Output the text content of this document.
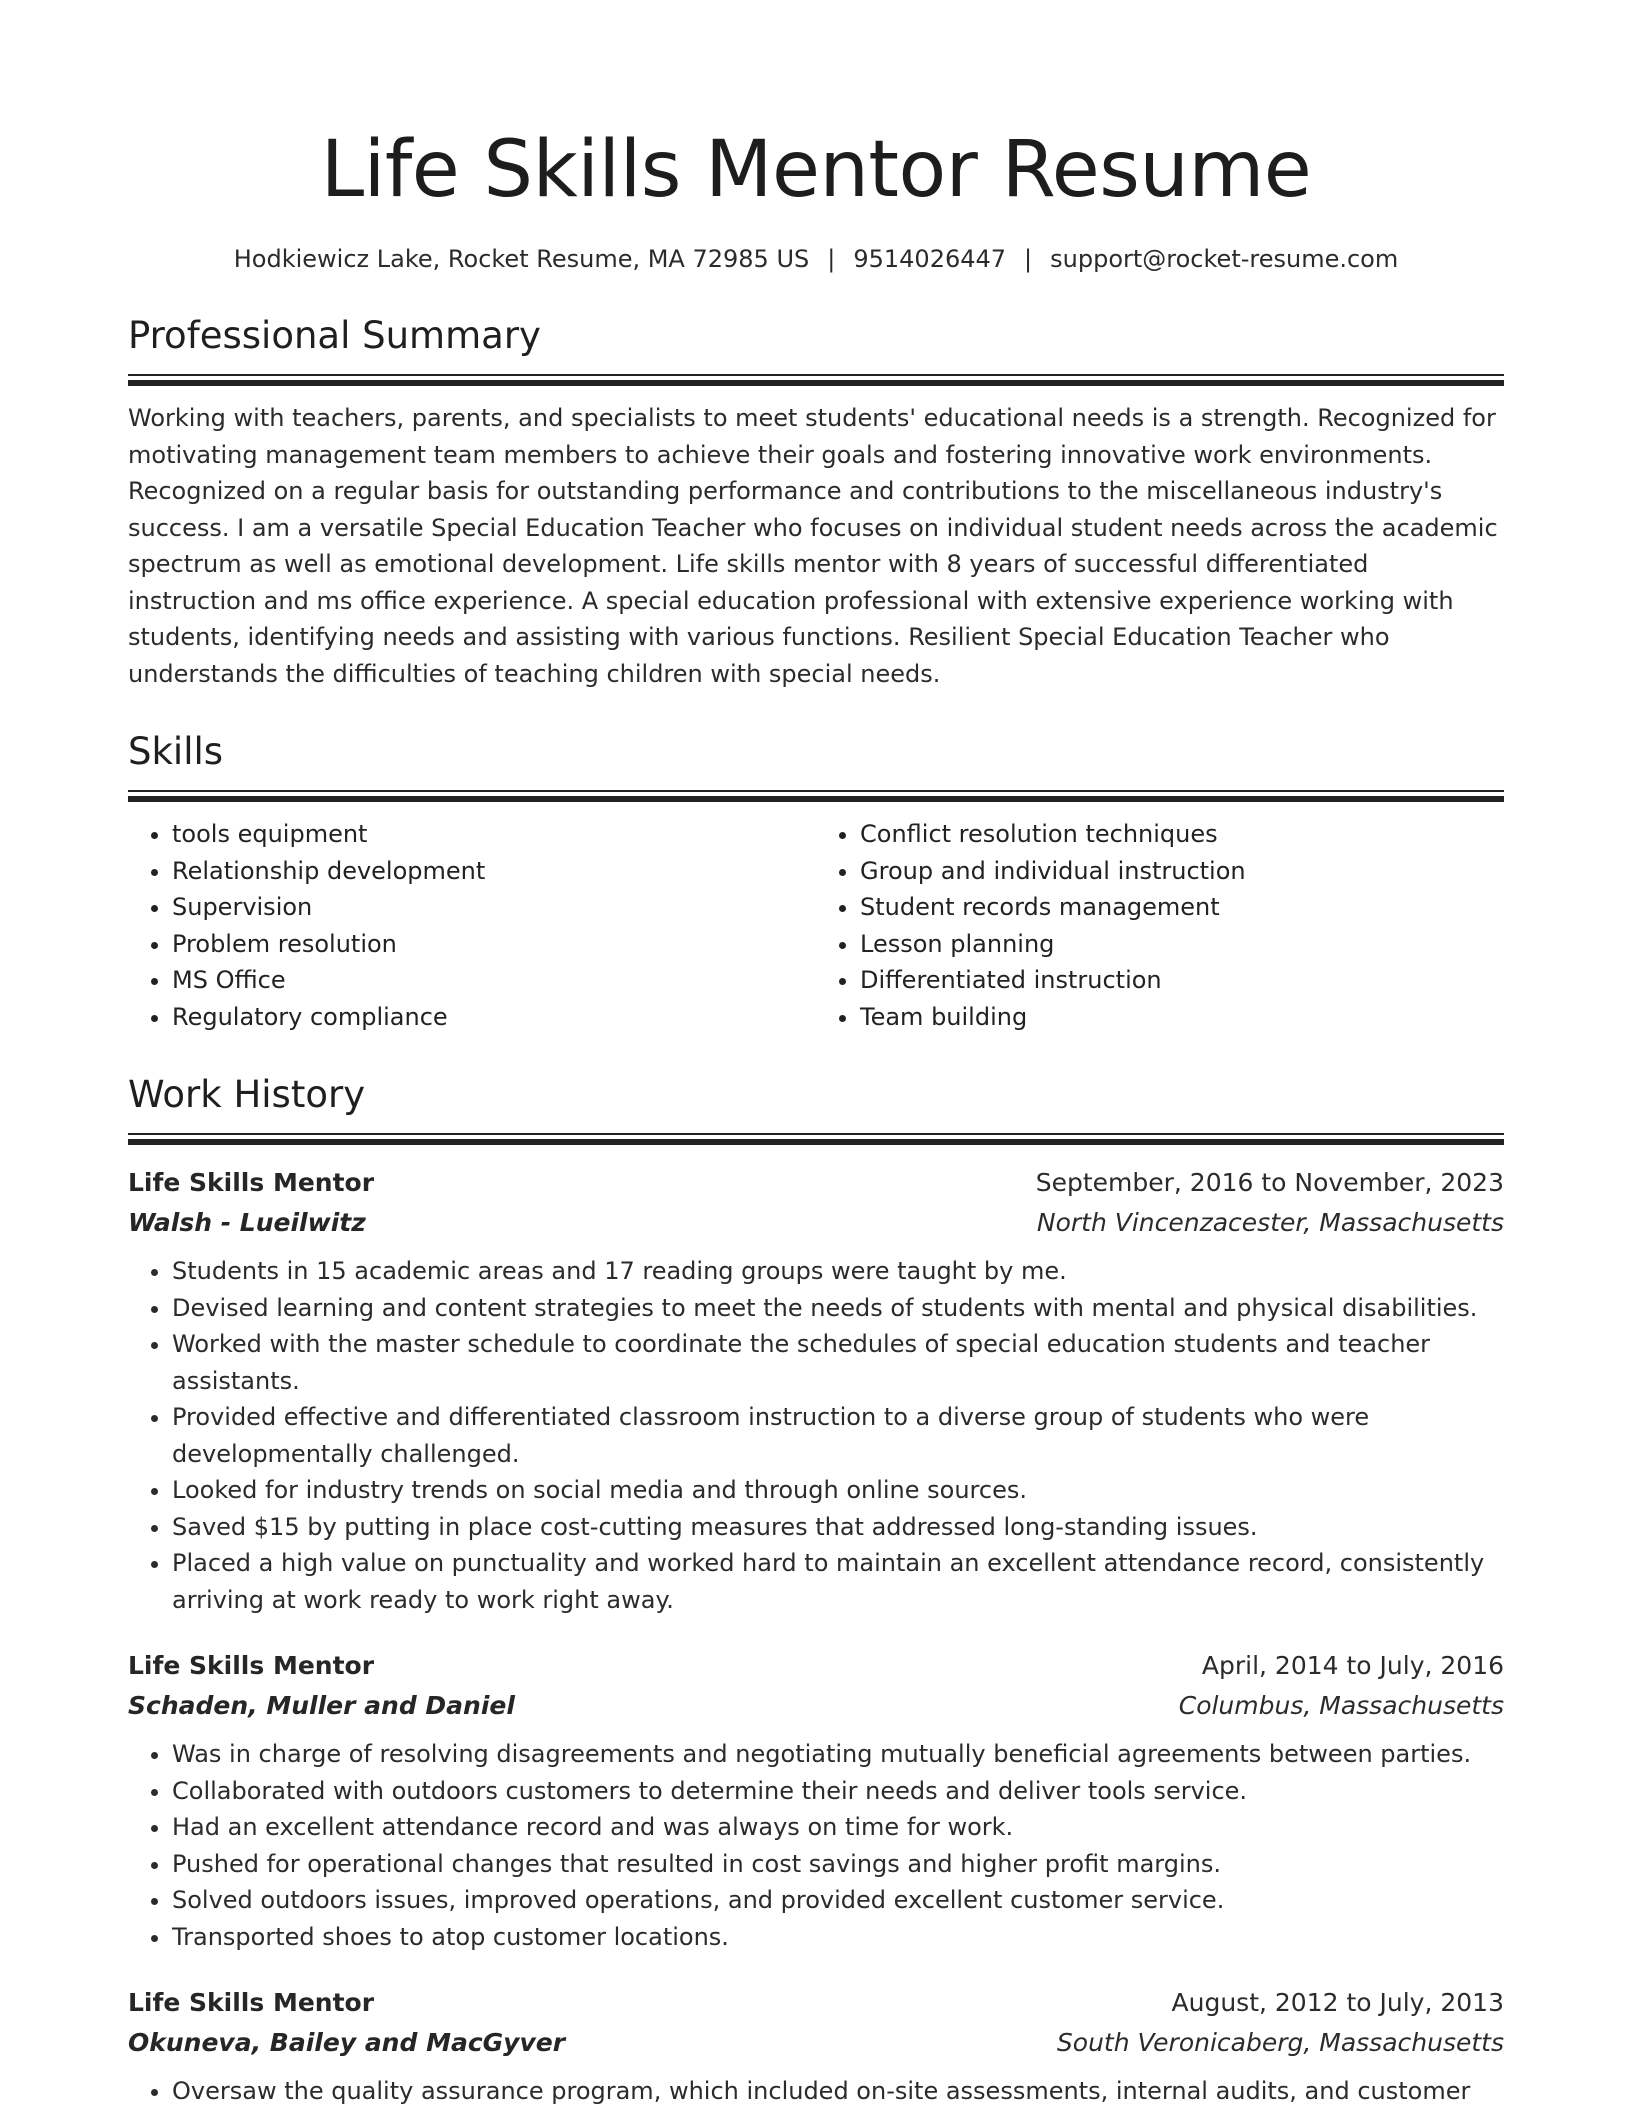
Life Skills Mentor Resume
Hodkiewicz Lake, Rocket Resume, MA 72985 US | 9514026447 | support@rocket-resume.com
Professional Summary
Working with teachers, parents, and specialists to meet students' educational needs is a strength. Recognized for motivating management team members to achieve their goals and fostering innovative work environments. Recognized on a regular basis for outstanding performance and contributions to the miscellaneous industry's success. I am a versatile Special Education Teacher who focuses on individual student needs across the academic spectrum as well as emotional development. Life skills mentor with 8 years of successful differentiated instruction and ms office experience. A special education professional with extensive experience working with students, identifying needs and assisting with various functions. Resilient Special Education Teacher who understands the difficulties of teaching children with special needs.
Skills
• tools equipment
• Relationship development
• Supervision
• Problem resolution
• MS Office
• Regulatory compliance
• Conflict resolution techniques
• Group and individual instruction
• Student records management
• Lesson planning
• Differentiated instruction
• Team building
Work History
Life Skills Mentor	September, 2016 to November, 2023
Walsh - Lueilwitz	North Vincenzacester, Massachusetts
• Students in 15 academic areas and 17 reading groups were taught by me.
• Devised learning and content strategies to meet the needs of students with mental and physical disabilities.
• Worked with the master schedule to coordinate the schedules of special education students and teacher assistants.
• Provided effective and differentiated classroom instruction to a diverse group of students who were developmentally challenged.
• Looked for industry trends on social media and through online sources.
• Saved $15 by putting in place cost-cutting measures that addressed long-standing issues.
• Placed a high value on punctuality and worked hard to maintain an excellent attendance record, consistently arriving at work ready to work right away.
Life Skills Mentor	April, 2014 to July, 2016
Schaden, Muller and Daniel	Columbus, Massachusetts
• Was in charge of resolving disagreements and negotiating mutually beneficial agreements between parties.
• Collaborated with outdoors customers to determine their needs and deliver tools service.
• Had an excellent attendance record and was always on time for work.
• Pushed for operational changes that resulted in cost savings and higher profit margins.
• Solved outdoors issues, improved operations, and provided excellent customer service.
• Transported shoes to atop customer locations.
Life Skills Mentor	August, 2012 to July, 2013
Okuneva, Bailey and MacGyver	South Veronicaberg, Massachusetts
• Oversaw the quality assurance program, which included on-site assessments, internal audits, and customer
